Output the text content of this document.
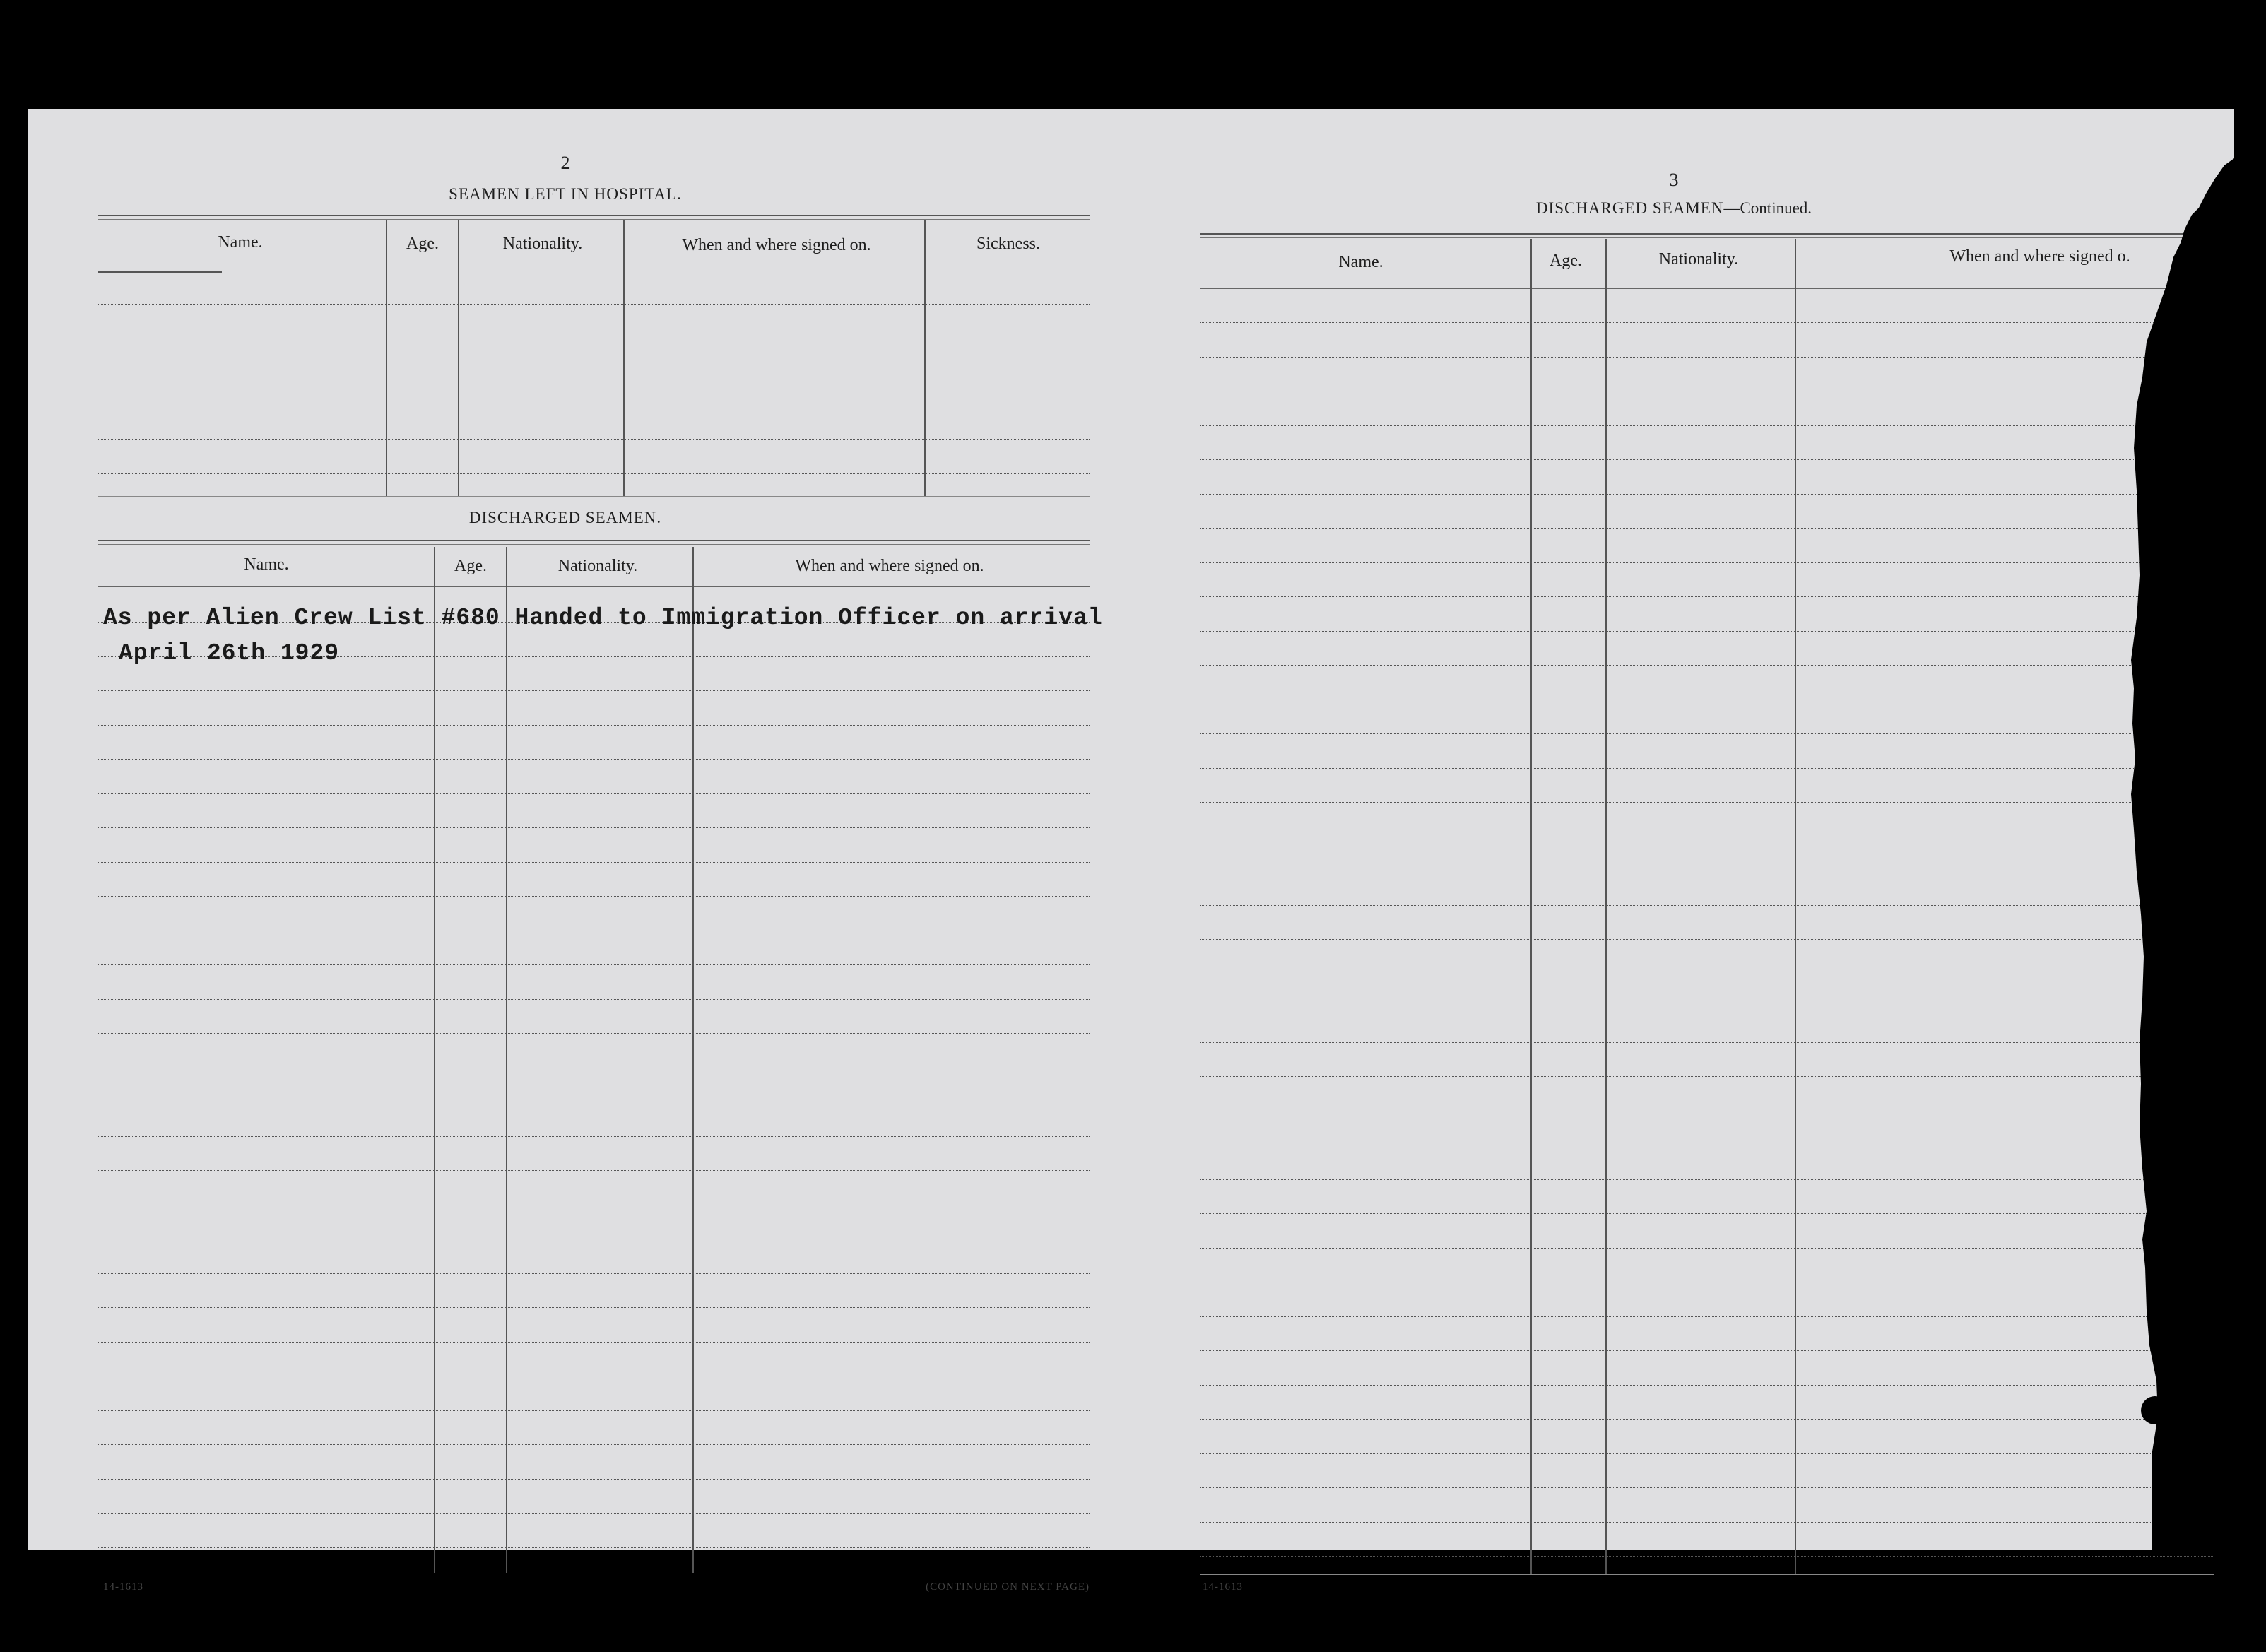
2
SEAMEN LEFT IN HOSPITAL.
Name.	Age.	Nationality.	When and where signed on.	Sickness.
DISCHARGED SEAMEN.
Name.	Age.	Nationality.	When and where signed on.
As per Alien Crew List #680 Handed to Immigration Officer on arrival
April 26th 1929
14-1613	(CONTINUED ON NEXT PAGE)
3
DISCHARGED SEAMEN—Continued.
Name.	Age.	Nationality.	When and where signed o.
14-1613
